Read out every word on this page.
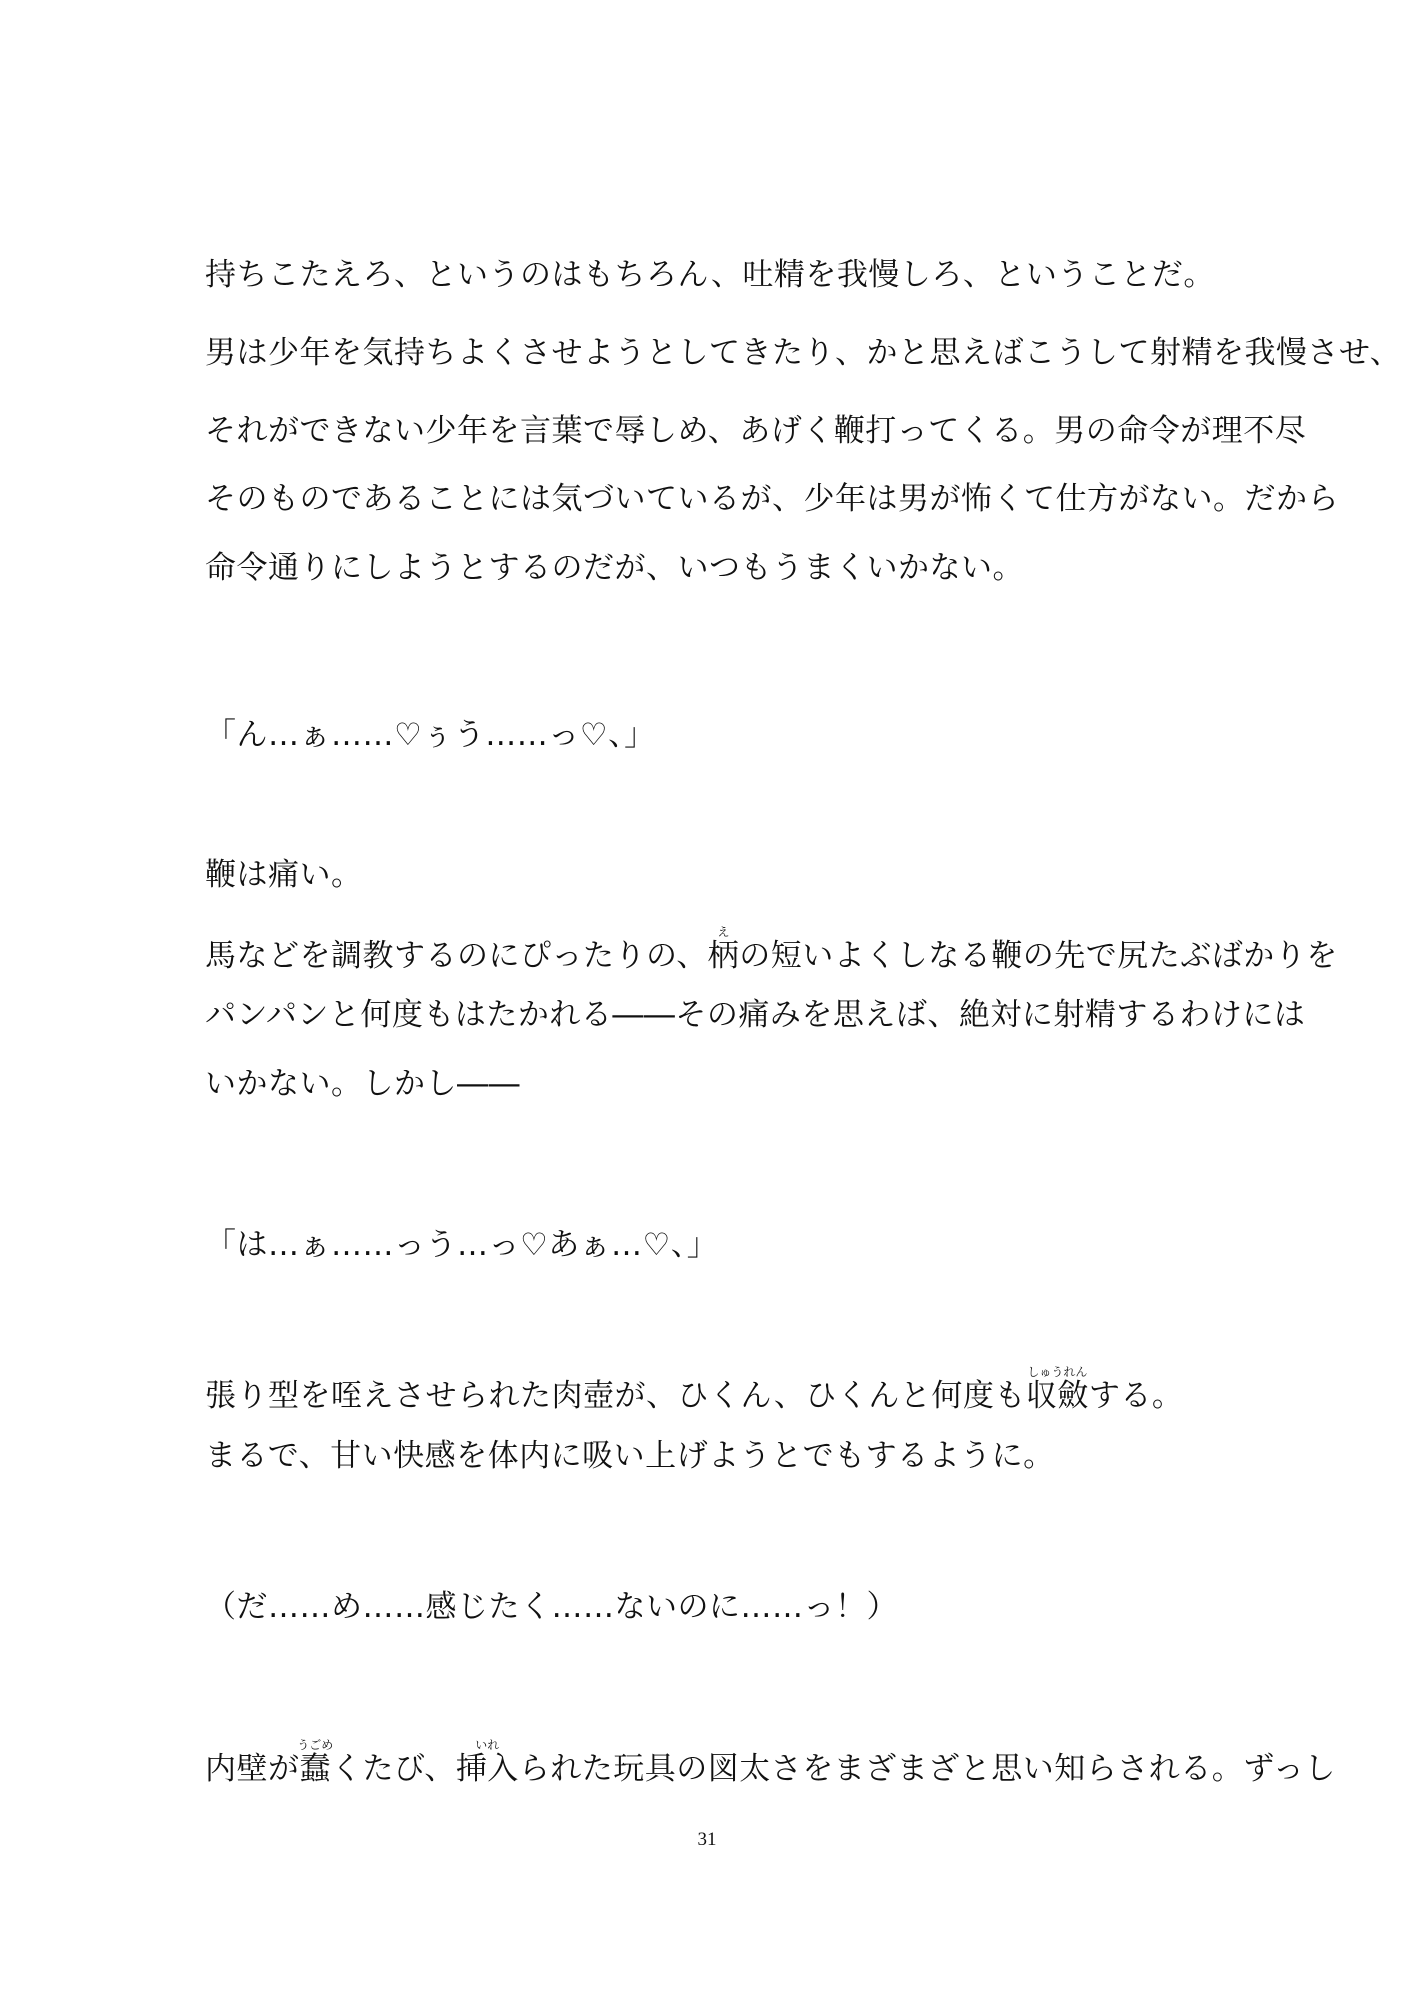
持ちこたえろ、というのはもちろん、吐精を我慢しろ、ということだ。
男は少年を気持ちよくさせようとしてきたり、かと思えばこうして射精を我慢させ、
それができない少年を言葉で辱しめ、あげく鞭打ってくる。男の命令が理不尽
そのものであることには気づいているが、少年は男が怖くて仕方がない。だから
命令通りにしようとするのだが、いつもうまくいかない。
「ん…ぁ……♡ぅう……っ♡、」
鞭は痛い。
馬などを調教するのにぴったりの、柄えの短いよくしなる鞭の先で尻たぶばかりを
パンパンと何度もはたかれる――その痛みを思えば、絶対に射精するわけには
いかない。しかし――
「は…ぁ……っう…っ♡あぁ…♡、」
張り型を咥えさせられた肉壺が、ひくん、ひくんと何度も収斂しゅうれんする。
まるで、甘い快感を体内に吸い上げようとでもするように。
（だ……め……感じたく……ないのに……っ！）
内壁が蠢うごめくたび、挿入いれられた玩具の図太さをまざまざと思い知らされる。ずっし
31
